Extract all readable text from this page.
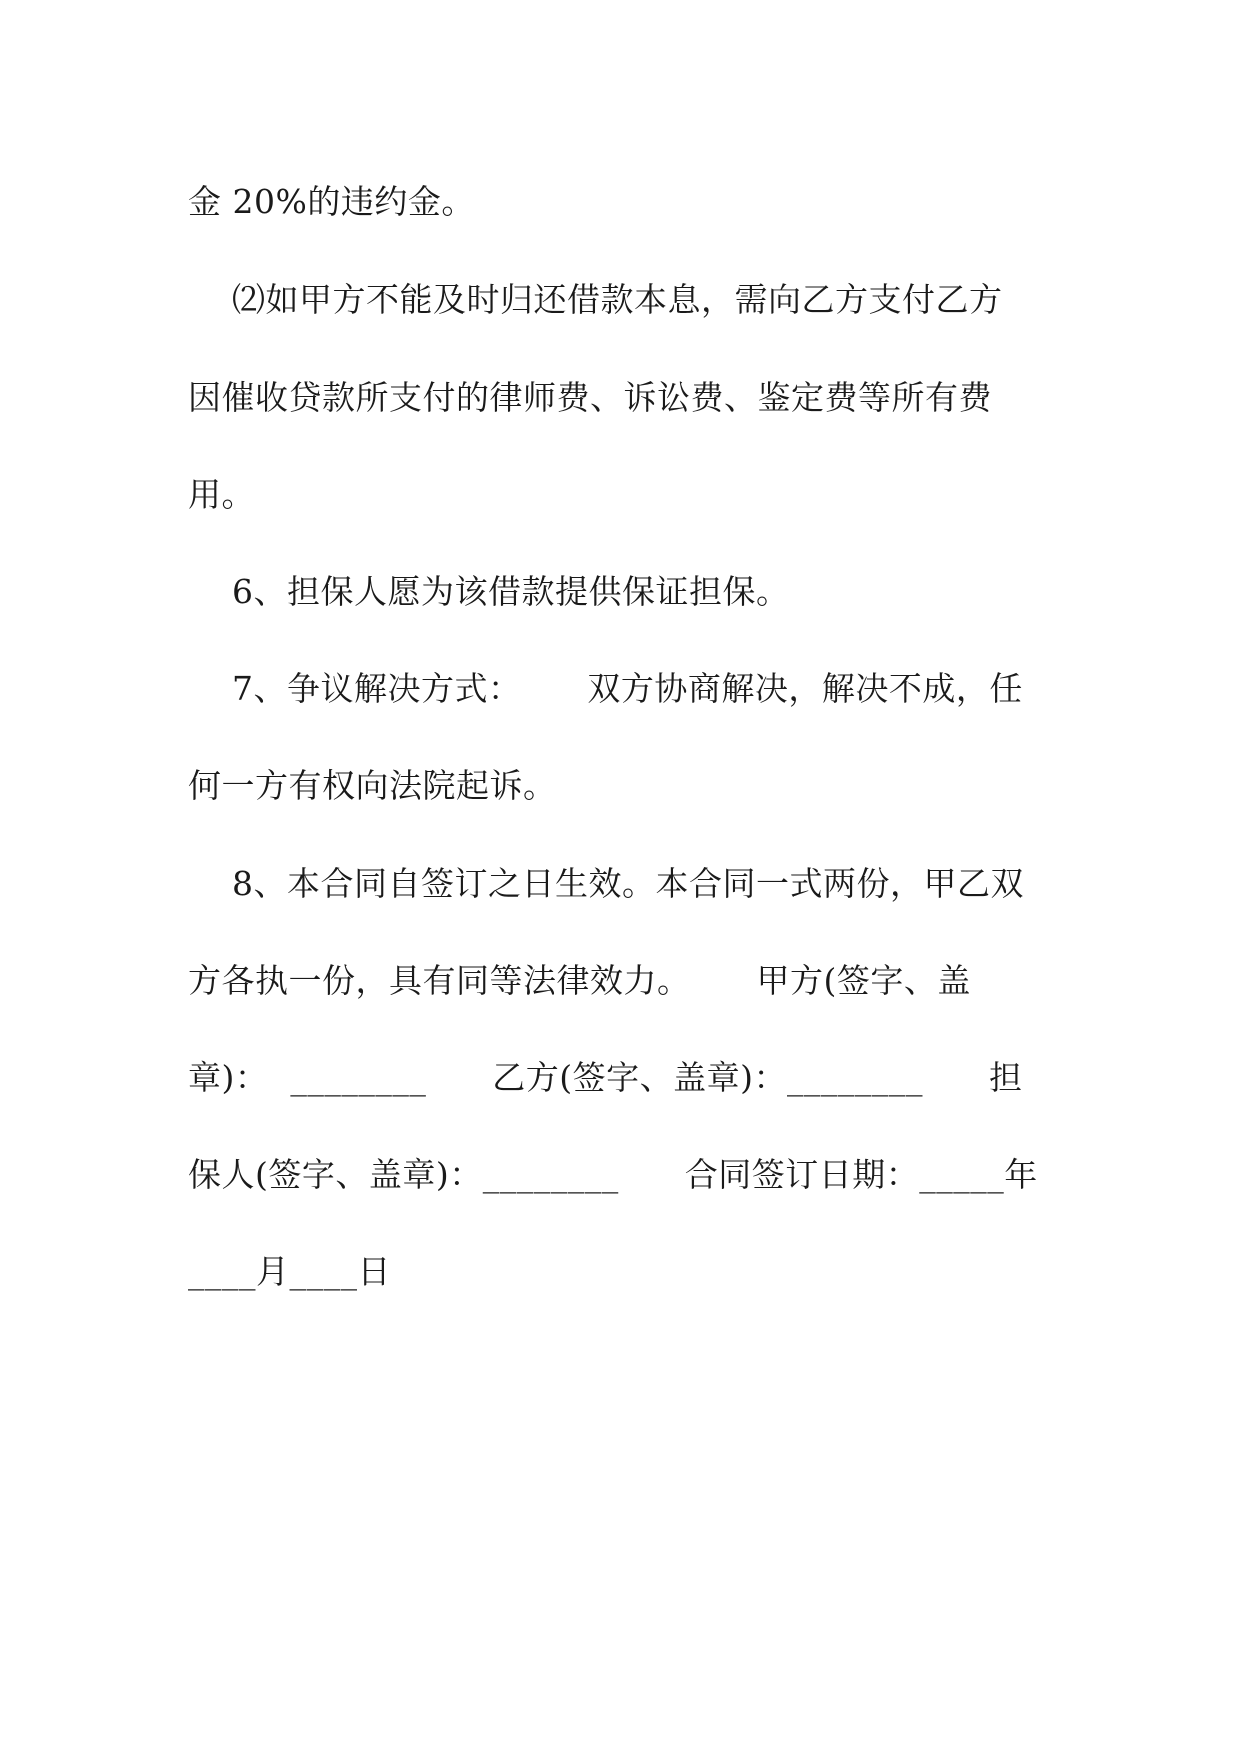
金 20%的违约金。
⑵如甲方不能及时归还借款本息，需向乙方支付乙方
因催收贷款所支付的律师费、诉讼费、鉴定费等所有费
用。
6、担保人愿为该借款提供保证担保。
7、争议解决方式：      双方协商解决，解决不成，任
何一方有权向法院起诉。
8、本合同自签订之日生效。本合同一式两份，甲乙双
方各执一份，具有同等法律效力。      甲方(签字、盖
章)：  ________      乙方(签字、盖章)：________      担
保人(签字、盖章)：________      合同签订日期：_____年
____月____日
